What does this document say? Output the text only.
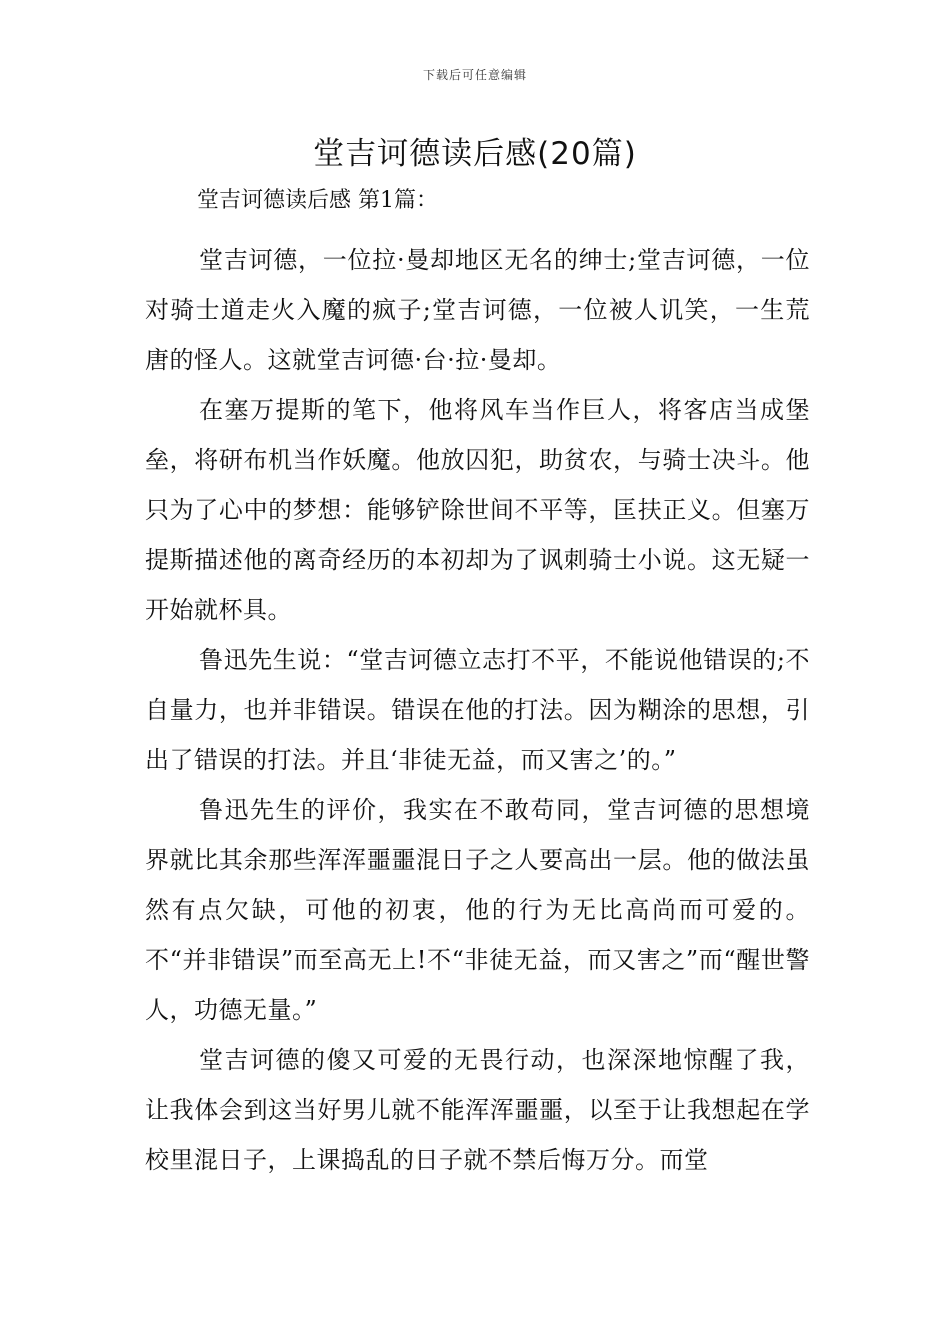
下载后可任意编辑
堂吉诃德读后感(20篇)

堂吉诃德读后感 第1篇：

堂吉诃德，一位拉·曼却地区无名的绅士;堂吉诃德，一位对骑士道走火入魔的疯子;堂吉诃德，一位被人讥笑，一生荒唐的怪人。这就堂吉诃德·台·拉·曼却。

在塞万提斯的笔下，他将风车当作巨人，将客店当成堡垒，将研布机当作妖魔。他放囚犯，助贫农，与骑士决斗。他只为了心中的梦想：能够铲除世间不平等，匡扶正义。但塞万提斯描述他的离奇经历的本初却为了讽刺骑士小说。这无疑一开始就杯具。

鲁迅先生说：“堂吉诃德立志打不平，不能说他错误的;不自量力，也并非错误。错误在他的打法。因为糊涂的思想，引出了错误的打法。并且‘非徒无益，而又害之’的。”

鲁迅先生的评价，我实在不敢苟同，堂吉诃德的思想境界就比其余那些浑浑噩噩混日子之人要高出一层。他的做法虽然有点欠缺，可他的初衷，他的行为无比高尚而可爱的。不“并非错误”而至高无上!不“非徒无益，而又害之”而“醒世警人，功德无量。”

堂吉诃德的傻又可爱的无畏行动，也深深地惊醒了我，让我体会到这当好男儿就不能浑浑噩噩，以至于让我想起在学校里混日子，上课捣乱的日子就不禁后悔万分。而堂
